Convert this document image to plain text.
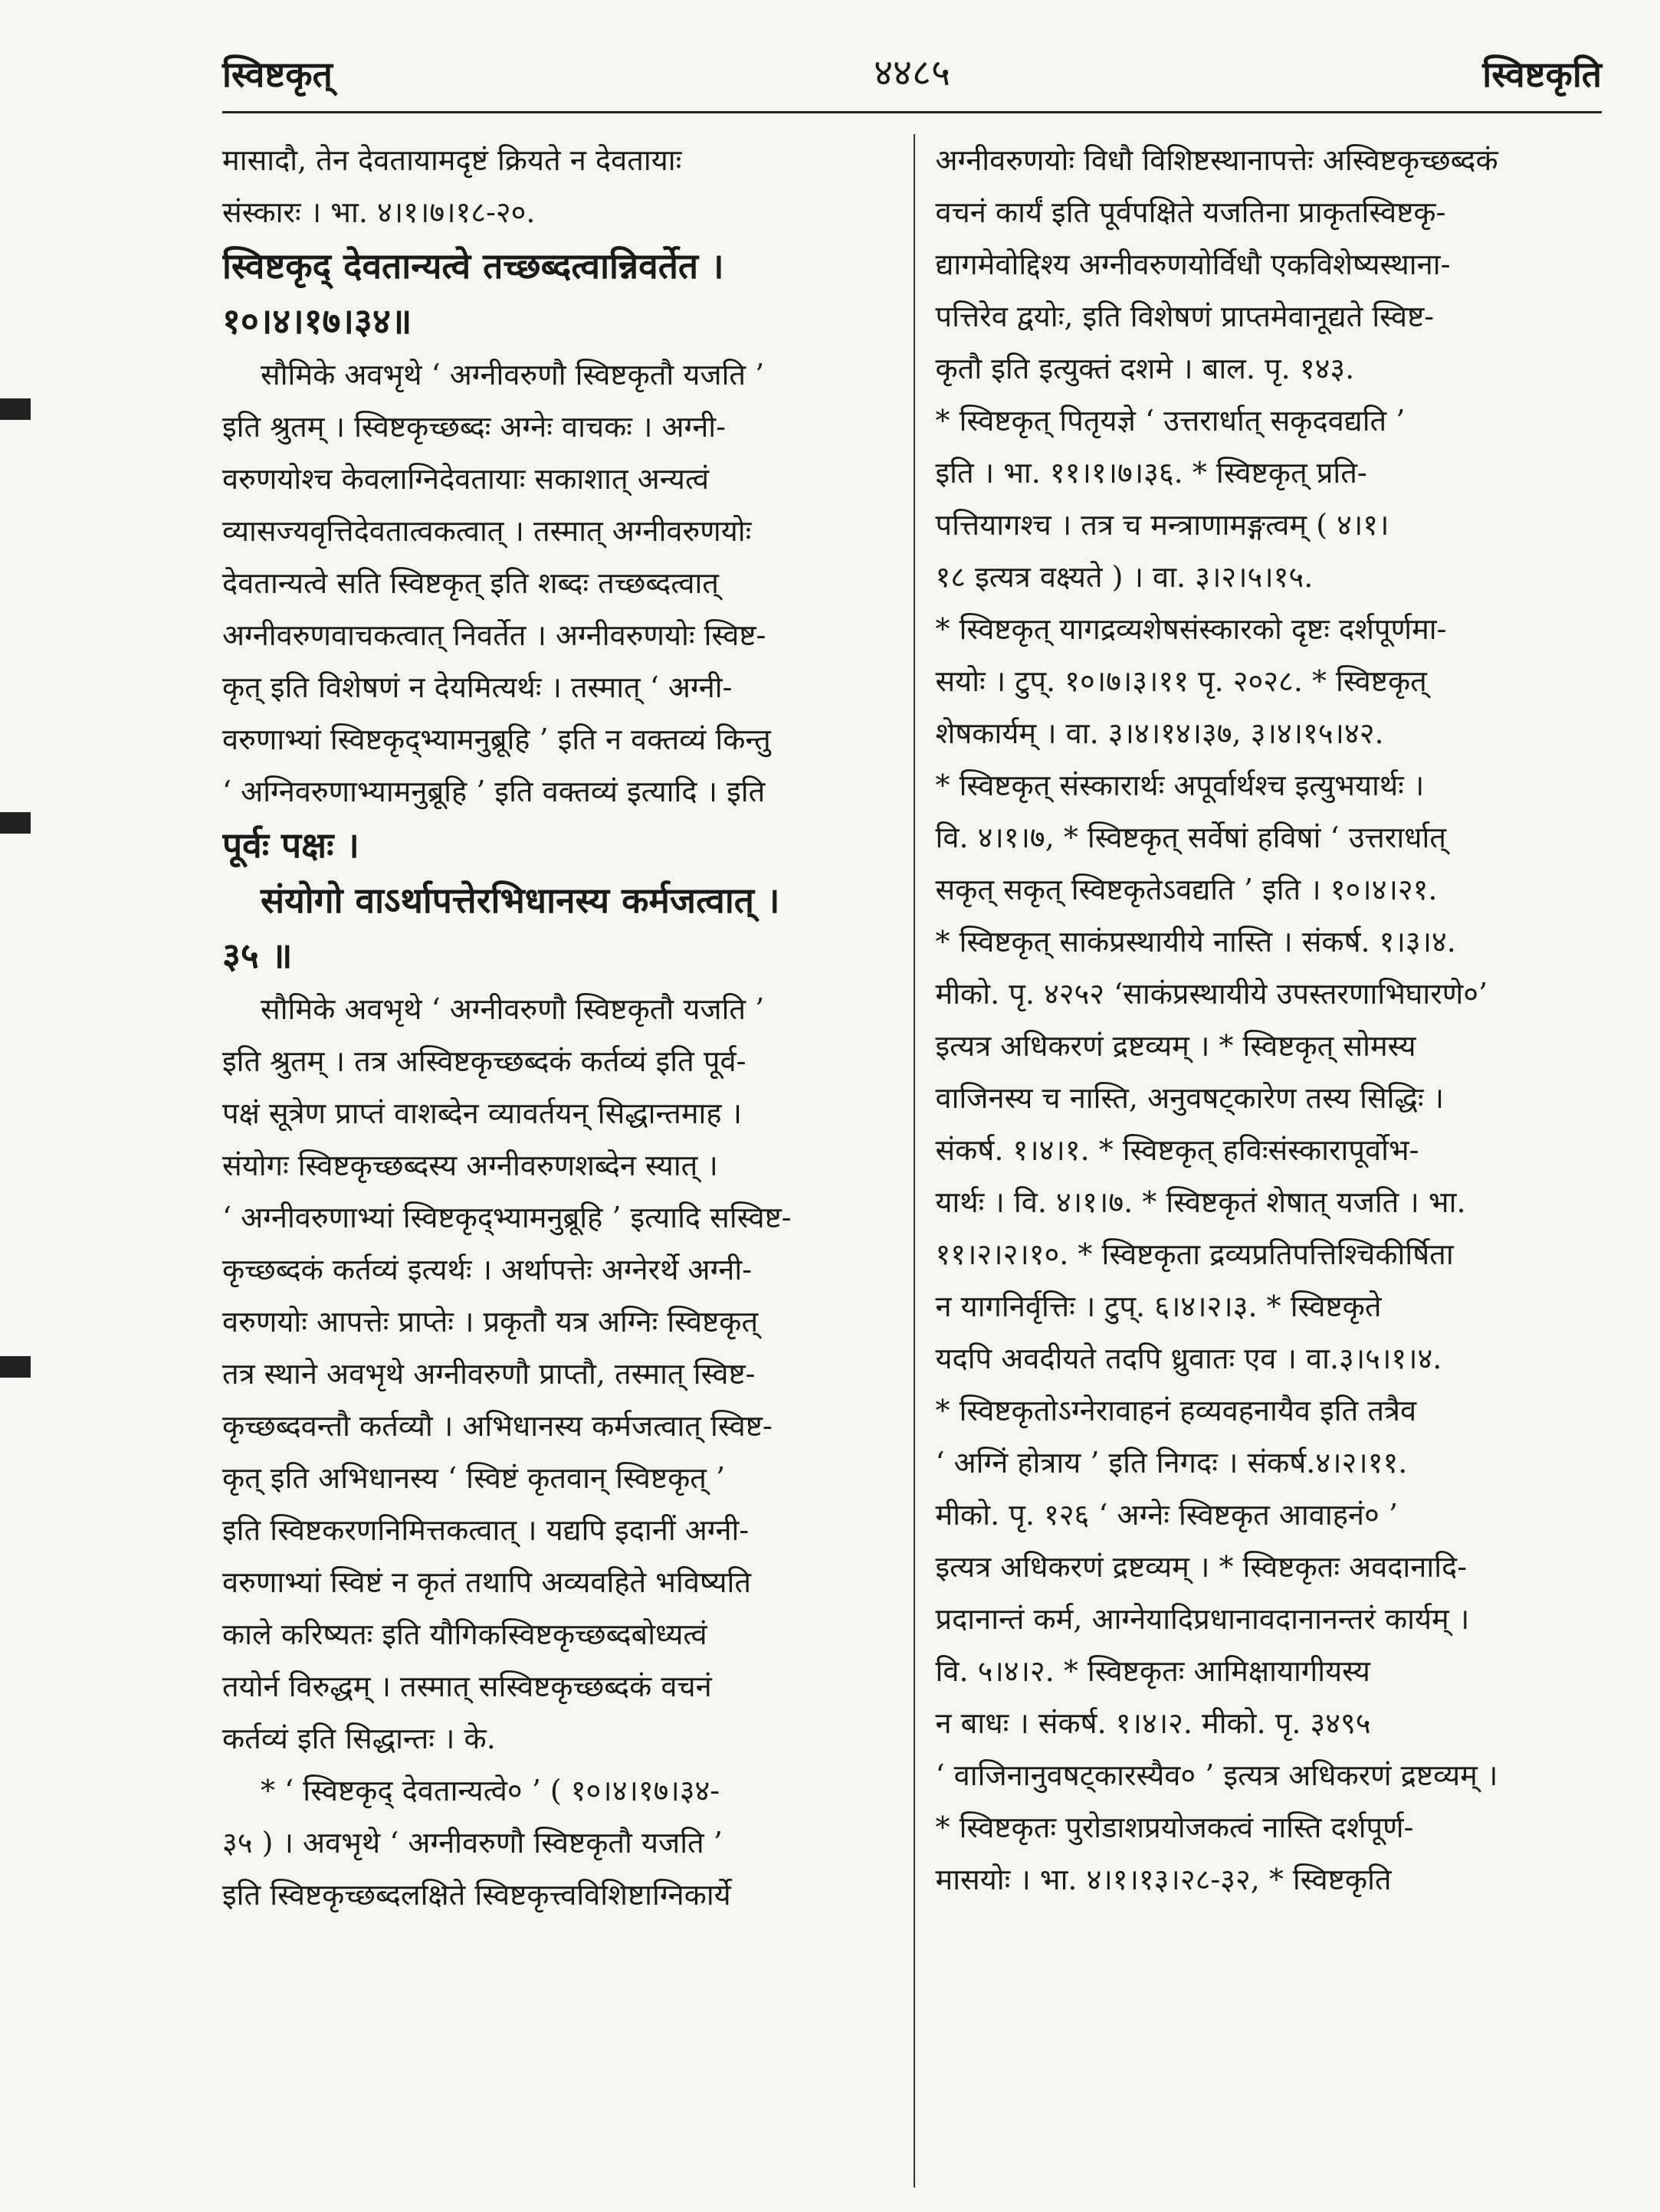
स्विष्टकृत्	४४८५	स्विष्टकृति
मासादौ, तेन देवतायामदृष्टं क्रियते न देवतायाः
संस्कारः । भा. ४।१।७।१८-२०.
स्विष्टकृद् देवतान्यत्वे तच्छब्दत्वान्निवर्तेत ।
१०।४।१७।३४॥
सौमिके अवभृथे ‘ अग्नीवरुणौ स्विष्टकृतौ यजति ’
इति श्रुतम् । स्विष्टकृच्छब्दः अग्नेः वाचकः । अग्नी-
वरुणयोश्च केवलाग्निदेवतायाः सकाशात् अन्यत्वं
व्यासज्यवृत्तिदेवतात्वकत्वात् । तस्मात् अग्नीवरुणयोः
देवतान्यत्वे सति स्विष्टकृत् इति शब्दः तच्छब्दत्वात्
अग्नीवरुणवाचकत्वात् निवर्तेत । अग्नीवरुणयोः स्विष्ट-
कृत् इति विशेषणं न देयमित्यर्थः । तस्मात् ‘ अग्नी-
वरुणाभ्यां स्विष्टकृद्भ्यामनुब्रूहि ’ इति न वक्तव्यं किन्तु
‘ अग्निवरुणाभ्यामनुब्रूहि ’ इति वक्तव्यं इत्यादि । इति
पूर्वः पक्षः ।
संयोगो वाऽर्थापत्तेरभिधानस्य कर्मजत्वात् ।
३५ ॥
सौमिके अवभृथे ‘ अग्नीवरुणौ स्विष्टकृतौ यजति ’
इति श्रुतम् । तत्र अस्विष्टकृच्छब्दकं कर्तव्यं इति पूर्व-
पक्षं सूत्रेण प्राप्तं वाशब्देन व्यावर्तयन् सिद्धान्तमाह ।
संयोगः स्विष्टकृच्छब्दस्य अग्नीवरुणशब्देन स्यात् ।
‘ अग्नीवरुणाभ्यां स्विष्टकृद्भ्यामनुब्रूहि ’ इत्यादि सस्विष्ट-
कृच्छब्दकं कर्तव्यं इत्यर्थः । अर्थापत्तेः अग्नेरर्थे अग्नी-
वरुणयोः आपत्तेः प्राप्तेः । प्रकृतौ यत्र अग्निः स्विष्टकृत्
तत्र स्थाने अवभृथे अग्नीवरुणौ प्राप्तौ, तस्मात् स्विष्ट-
कृच्छब्दवन्तौ कर्तव्यौ । अभिधानस्य कर्मजत्वात् स्विष्ट-
कृत् इति अभिधानस्य ‘ स्विष्टं कृतवान् स्विष्टकृत् ’
इति स्विष्टकरणनिमित्तकत्वात् । यद्यपि इदानीं अग्नी-
वरुणाभ्यां स्विष्टं न कृतं तथापि अव्यवहिते भविष्यति
काले करिष्यतः इति यौगिकस्विष्टकृच्छब्दबोध्यत्वं
तयोर्न विरुद्धम् । तस्मात् सस्विष्टकृच्छब्दकं वचनं
कर्तव्यं इति सिद्धान्तः । के.
* ‘ स्विष्टकृद् देवतान्यत्वे० ’ ( १०।४।१७।३४-
३५ ) । अवभृथे ‘ अग्नीवरुणौ स्विष्टकृतौ यजति ’
इति स्विष्टकृच्छब्दलक्षिते स्विष्टकृत्त्वविशिष्टाग्निकार्ये
अग्नीवरुणयोः विधौ विशिष्टस्थानापत्तेः अस्विष्टकृच्छब्दकं
वचनं कार्यं इति पूर्वपक्षिते यजतिना प्राकृतस्विष्टकृ-
द्यागमेवोद्दिश्य अग्नीवरुणयोर्विधौ एकविशेष्यस्थाना-
पत्तिरेव द्वयोः, इति विशेषणं प्राप्तमेवानूद्यते स्विष्ट-
कृतौ इति इत्युक्तं दशमे । बाल. पृ. १४३.
* स्विष्टकृत् पितृयज्ञे ‘ उत्तरार्धात् सकृदवद्यति ’
इति । भा. ११।१।७।३६. * स्विष्टकृत् प्रति-
पत्तियागश्च । तत्र च मन्त्राणामङ्गत्वम् ( ४।१।
१८ इत्यत्र वक्ष्यते ) । वा. ३।२।५।१५.
* स्विष्टकृत् यागद्रव्यशेषसंस्कारको दृष्टः दर्शपूर्णमा-
सयोः । टुप्. १०।७।३।११ पृ. २०२८. * स्विष्टकृत्
शेषकार्यम् । वा. ३।४।१४।३७, ३।४।१५।४२.
* स्विष्टकृत् संस्कारार्थः अपूर्वार्थश्च इत्युभयार्थः ।
वि. ४।१।७, * स्विष्टकृत् सर्वेषां हविषां ‘ उत्तरार्धात्
सकृत् सकृत् स्विष्टकृतेऽवद्यति ’ इति । १०।४।२१.
* स्विष्टकृत् साकंप्रस्थायीये नास्ति । संकर्ष. १।३।४.
मीको. पृ. ४२५२ ‘साकंप्रस्थायीये उपस्तरणाभिघारणे०’
इत्यत्र अधिकरणं द्रष्टव्यम् । * स्विष्टकृत् सोमस्य
वाजिनस्य च नास्ति, अनुवषट्कारेण तस्य सिद्धिः ।
संकर्ष. १।४।१. * स्विष्टकृत् हविःसंस्कारापूर्वोभ-
यार्थः । वि. ४।१।७. * स्विष्टकृतं शेषात् यजति । भा.
११।२।२।१०. * स्विष्टकृता द्रव्यप्रतिपत्तिश्चिकीर्षिता
न यागनिर्वृत्तिः । टुप्. ६।४।२।३. * स्विष्टकृते
यदपि अवदीयते तदपि ध्रुवातः एव । वा.३।५।१।४.
* स्विष्टकृतोऽग्नेरावाहनं हव्यवहनायैव इति तत्रैव
‘ अग्निं होत्राय ’ इति निगदः । संकर्ष.४।२।११.
मीको. पृ. १२६ ‘ अग्नेः स्विष्टकृत आवाहनं० ’
इत्यत्र अधिकरणं द्रष्टव्यम् । * स्विष्टकृतः अवदानादि-
प्रदानान्तं कर्म, आग्नेयादिप्रधानावदानानन्तरं कार्यम् ।
वि. ५।४।२. * स्विष्टकृतः आमिक्षायागीयस्य
न बाधः । संकर्ष. १।४।२. मीको. पृ. ३४९५
‘ वाजिनानुवषट्कारस्यैव० ’ इत्यत्र अधिकरणं द्रष्टव्यम् ।
* स्विष्टकृतः पुरोडाशप्रयोजकत्वं नास्ति दर्शपूर्ण-
मासयोः । भा. ४।१।१३।२८-३२, * स्विष्टकृति
